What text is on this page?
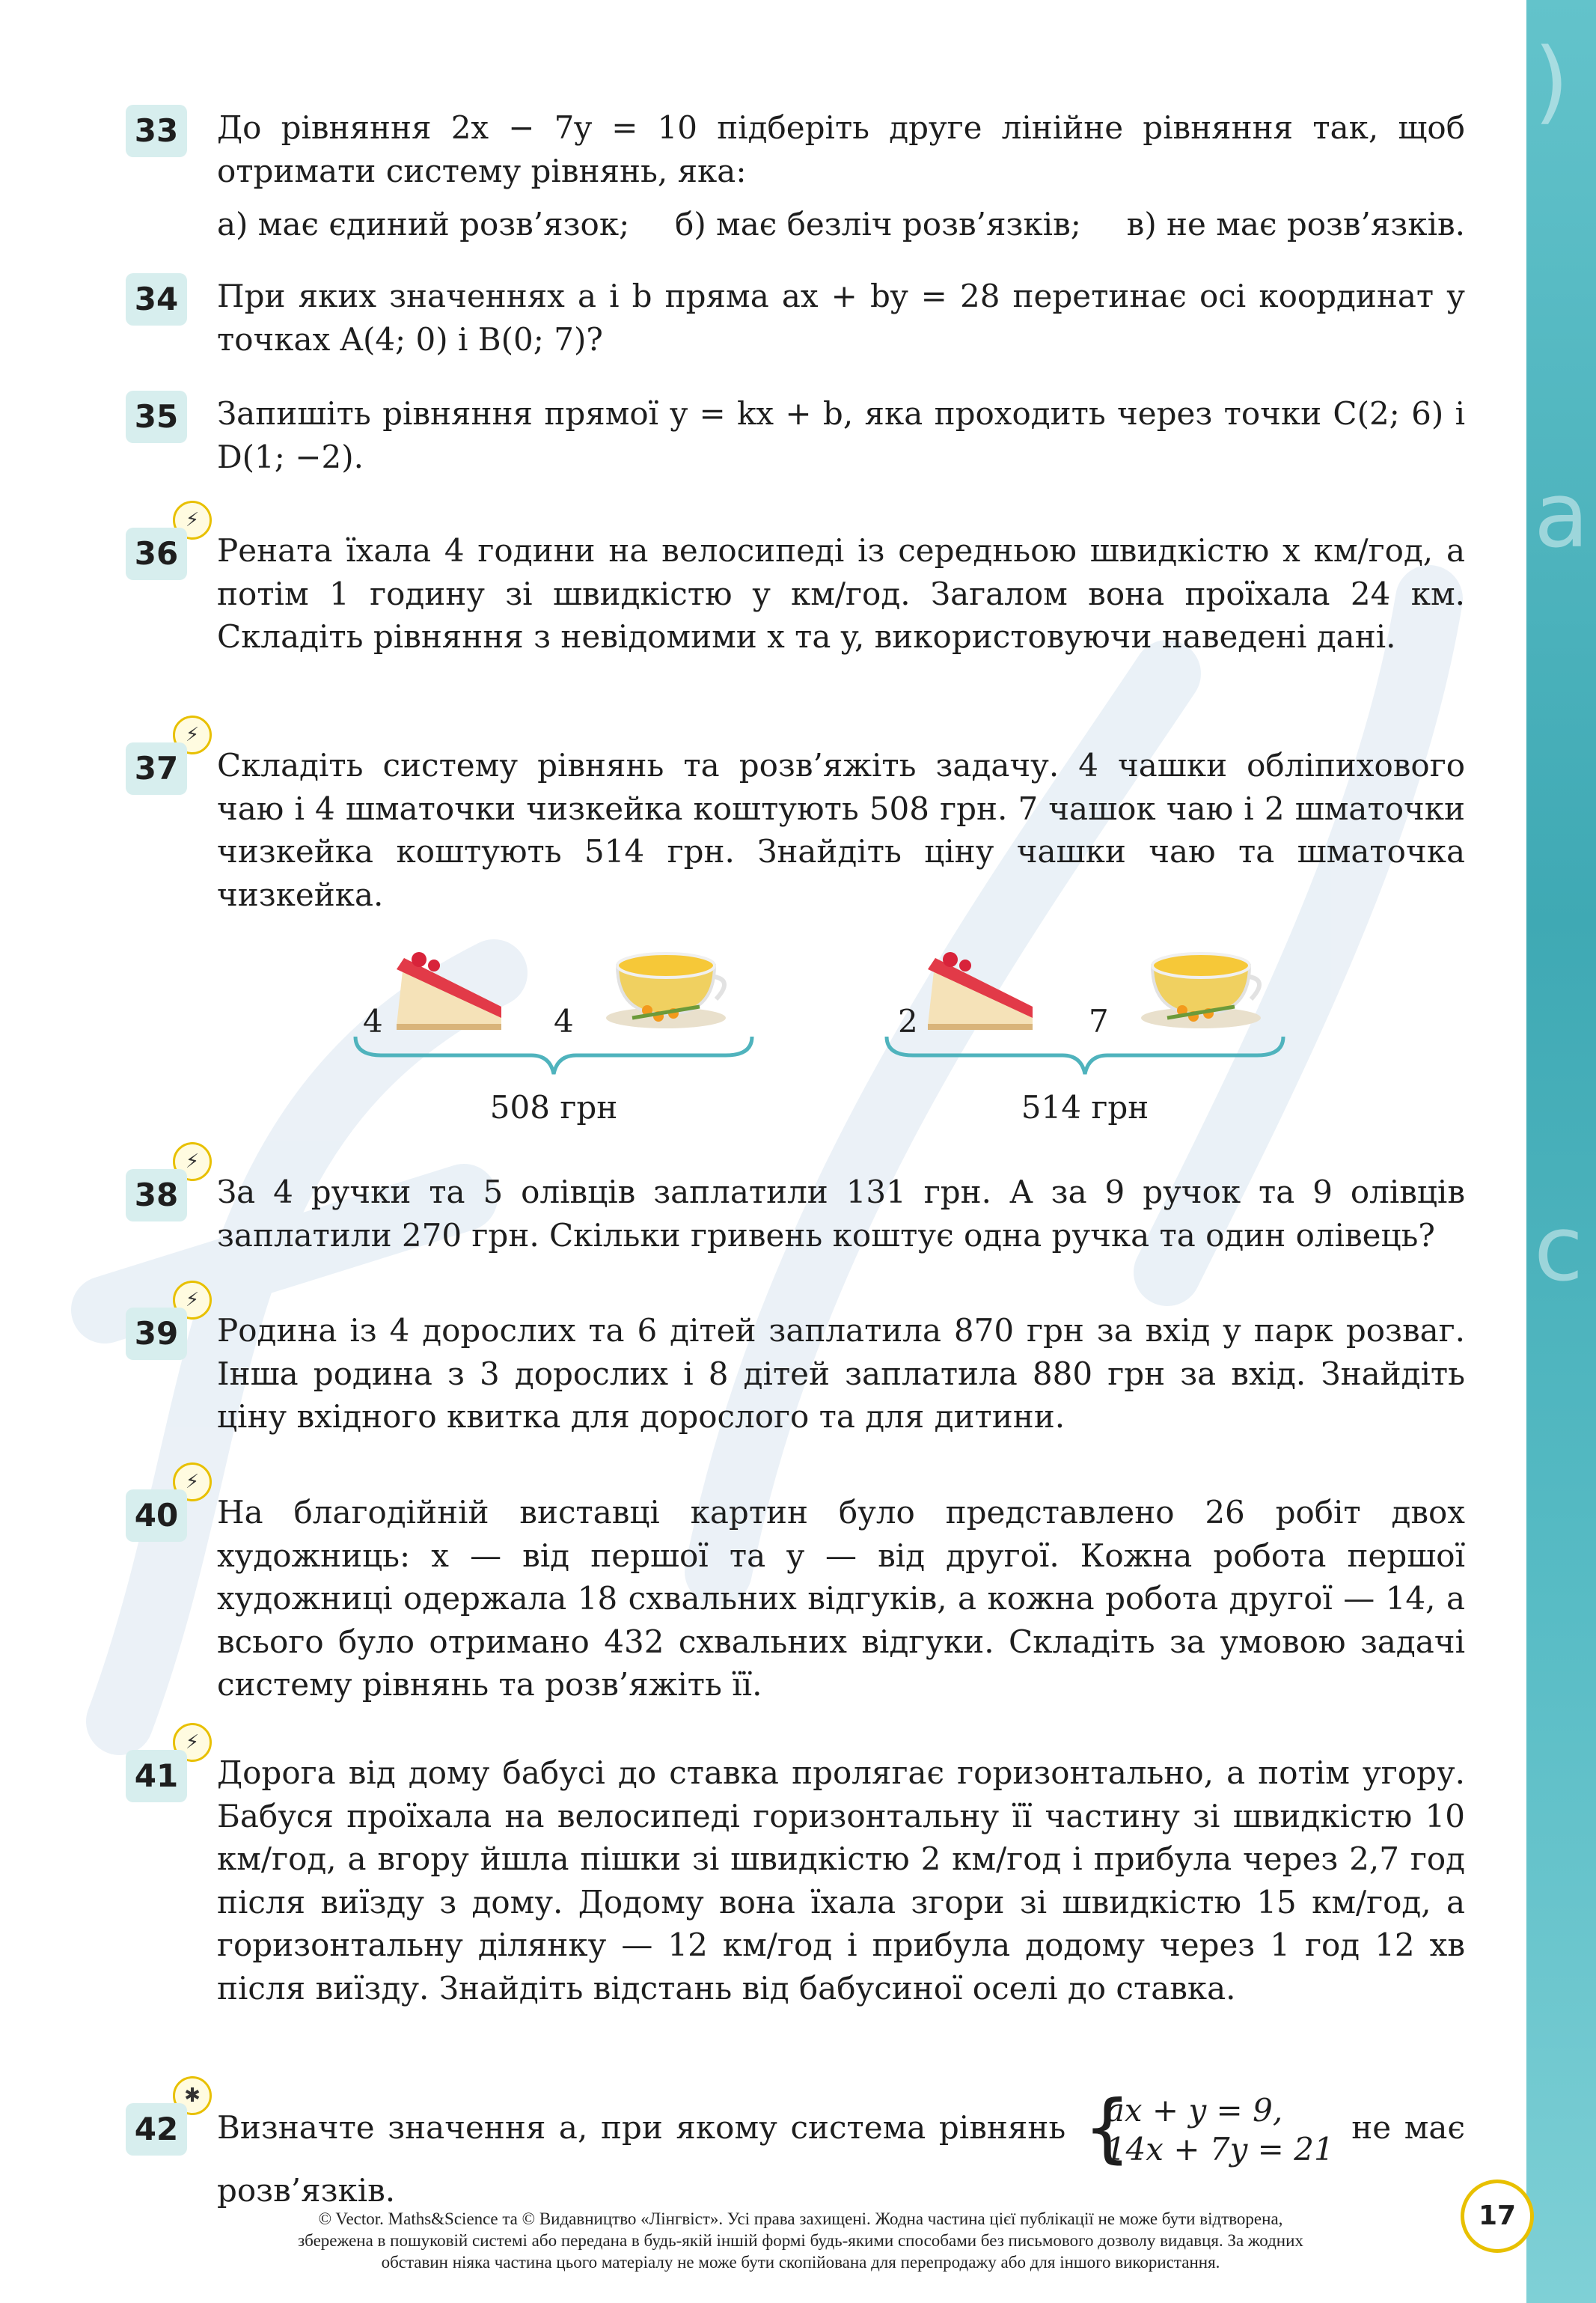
)
a
c
33 До рівняння 2x − 7y = 10 підберіть друге лінійне рівняння так, щоб отримати систему рівнянь, яка:

а) має єдиний розв’язок; б) має безліч розв’язків; в) не має розв’язків.
34 При яких значеннях a і b пряма ax + by = 28 перетинає осі координат у точках A(4; 0) і B(0; 7)?

35 Запишіть рівняння прямої y = kx + b, яка проходить через точки C(2; 6) і D(1; −2).

⚡
36 Рената їхала 4 години на велосипеді із середньою швидкістю x км/год, а потім 1 годину зі швидкістю y км/год. Загалом вона проїхала 24 км. Складіть рівняння з невідомими x та y, використовуючи наведені дані.

⚡
37 Складіть систему рівнянь та розв’яжіть задачу. 4 чашки обліпихового чаю і 4 шматочки чизкейка коштують 508 грн. 7 чашок чаю і 2 шматочки чизкейка коштують 514 грн. Знайдіть ціну чашки чаю та шматочка чизкейка.

4	4
508 грн
2	7
514 грн
⚡
38 За 4 ручки та 5 олівців заплатили 131 грн. А за 9 ручок та 9 олівців заплатили 270 грн. Скільки гривень коштує одна ручка та один олівець?

⚡
39 Родина із 4 дорослих та 6 дітей заплатила 870 грн за вхід у парк розваг. Інша родина з 3 дорослих і 8 дітей заплатила 880 грн за вхід. Знайдіть ціну вхідного квитка для дорослого та для дитини.

⚡
40 На благодійній виставці картин було представлено 26 робіт двох художниць: x — від першої та y — від другої. Кожна робота першої художниці одержала 18 схвальних відгуків, а кожна робота другої — 14, а всього було отримано 432 схвальних відгуки. Складіть за умовою задачі систему рівнянь та розв’яжіть її.

⚡
41 Дорога від дому бабусі до ставка пролягає горизонтально, а потім угору. Бабуся проїхала на велосипеді горизонтальну її частину зі швидкістю 10 км/год, а вгору йшла пішки зі швидкістю 2 км/год і прибула через 2,7 год після виїзду з дому. Додому вона їхала згори зі швидкістю 15 км/год, а горизонтальну ділянку — 12 км/год і прибула додому через 1 год 12 хв після виїзду. Знайдіть відстань від бабусиної оселі до ставка.

✱
42 Визначте значення a, при якому система рівнянь {
ax + y = 9,
14x + 7y = 21
не має розв’язків.
17
© Vector. Maths&Science та © Видавництво «Лінгвіст». Усі права захищені. Жодна частина цієї публікації не може бути відтворена,
збережена в пошуковій системі або передана в будь-якій іншій формі будь-якими способами без письмового дозволу видавця. За жодних
обставин ніяка частина цього матеріалу не може бути скопійована для перепродажу або для іншого використання.
